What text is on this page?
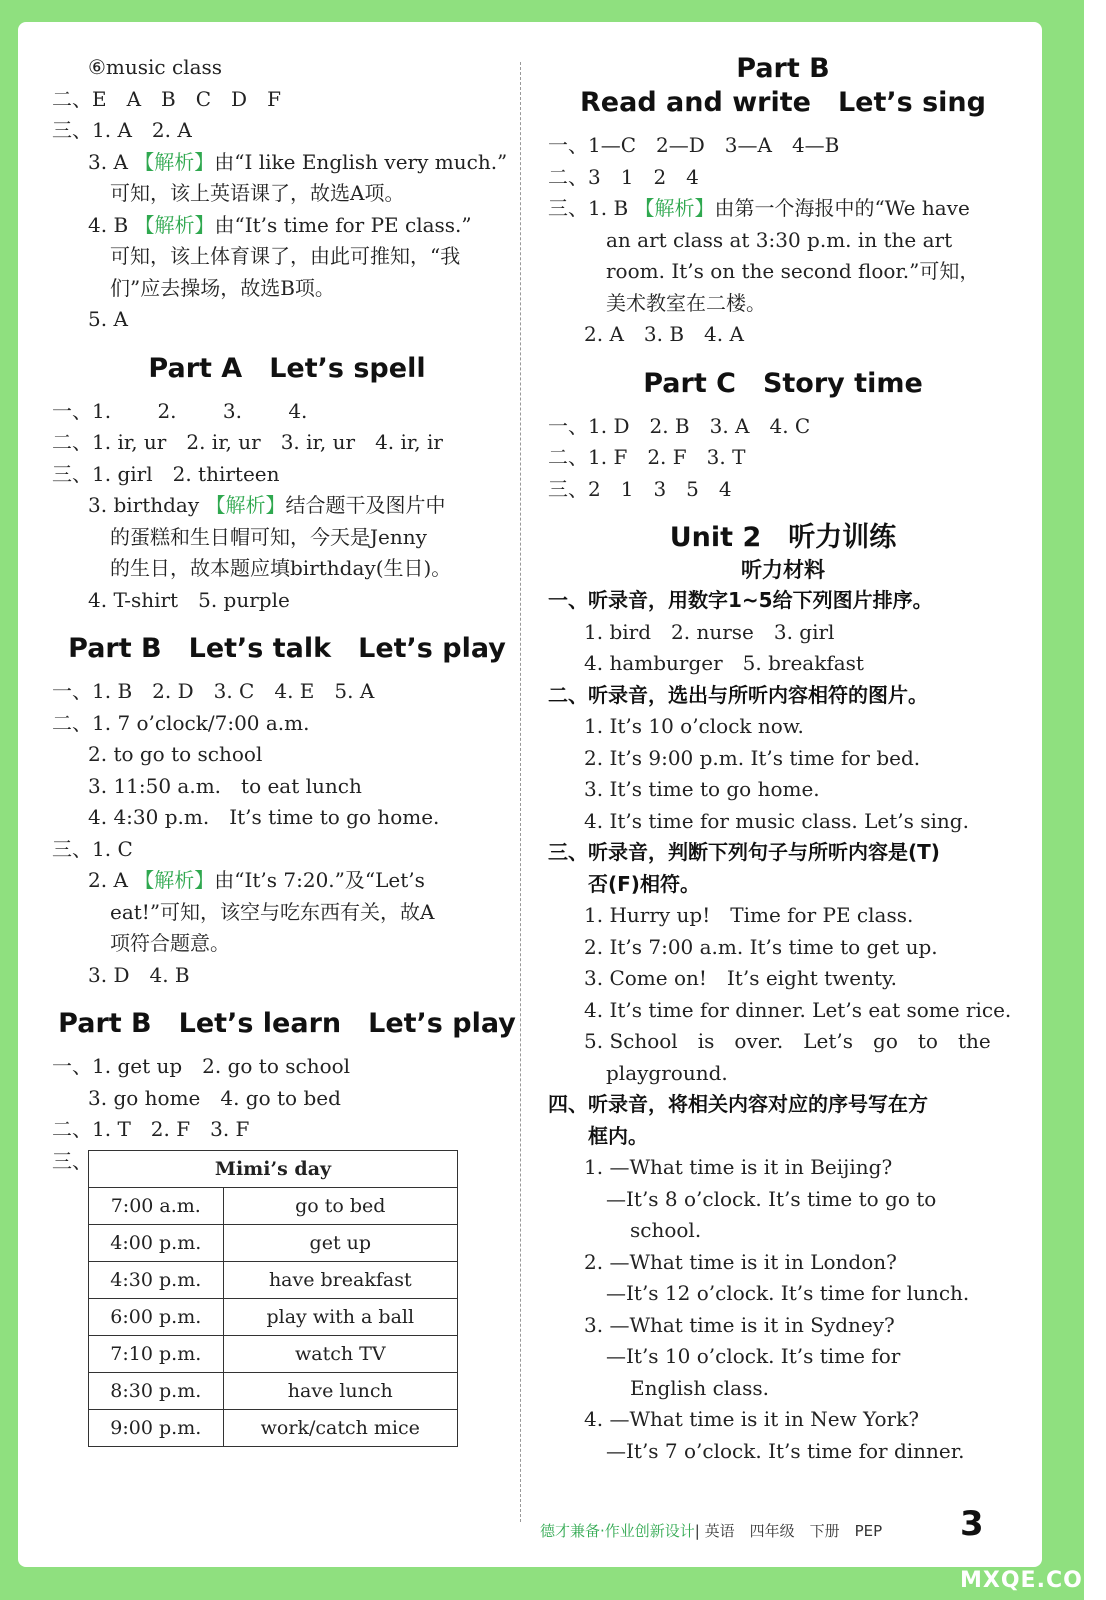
⑥music class
二、E　A　B　C　D　F
三、1. A　2. A
3. A 【解析】由“I like English very much.”
可知，该上英语课了，故选A项。
4. B 【解析】由“It’s time for PE class.”
可知，该上体育课了，由此可推知，“我
们”应去操场，故选B项。
5. A
Part A　Let’s spell
一、1.　　 2.　　 3.　　 4.
二、1. ir, ur　2. ir, ur　3. ir, ur　4. ir, ir
三、1. girl　2. thirteen
3. birthday 【解析】结合题干及图片中
的蛋糕和生日帽可知，今天是Jenny
的生日，故本题应填birthday(生日)。
4. T-shirt　5. purple
Part B　Let’s talk　Let’s play
一、1. B　2. D　3. C　4. E　5. A
二、1. 7 o’clock/7:00 a.m.
2. to go to school
3. 11:50 a.m.　to eat lunch
4. 4:30 p.m.　It’s time to go home.
三、1. C
2. A 【解析】由“It’s 7:20.”及“Let’s
eat!”可知，该空与吃东西有关，故A
项符合题意。
3. D　4. B
Part B　Let’s learn　Let’s play
一、1. get up　2. go to school
3. go home　4. go to bed
二、1. T　2. F　3. F
三、	Mimi’s day	
7:00 a.m.	go to bed
4:00 p.m.	get up
4:30 p.m.	have breakfast
6:00 p.m.	play with a ball
7:10 p.m.	watch TV
8:30 p.m.	have lunch
9:00 p.m.	work/catch mice
Part B
Read and write　Let’s sing
一、1—C　2—D　3—A　4—B
二、3　1　2　4
三、1. B 【解析】由第一个海报中的“We have
an art class at 3:30 p.m. in the art
room. It’s on the second floor.”可知，
美术教室在二楼。
2. A　3. B　4. A
Part C　Story time
一、1. D　2. B　3. A　4. C
二、1. F　2. F　3. T
三、2　1　3　5　4
Unit 2　听力训练
听力材料
一、听录音，用数字1~5给下列图片排序。
1. bird　2. nurse　3. girl
4. hamburger　5. breakfast
二、听录音，选出与所听内容相符的图片。
1. It’s 10 o’clock now.
2. It’s 9:00 p.m. It’s time for bed.
3. It’s time to go home.
4. It’s time for music class. Let’s sing.
三、听录音，判断下列句子与所听内容是(T)
否(F)相符。
1. Hurry up!　Time for PE class.
2. It’s 7:00 a.m. It’s time to get up.
3. Come on!　It’s eight twenty.
4. It’s time for dinner. Let’s eat some rice.
5. School　is　over.　Let’s　go　to　the
playground.
四、听录音，将相关内容对应的序号写在方
框内。
1. —What time is it in Beijing?
—It’s 8 o’clock. It’s time to go to
school.
2. —What time is it in London?
—It’s 12 o’clock. It’s time for lunch.
3. —What time is it in Sydney?
—It’s 10 o’clock. It’s time for
English class.
4. —What time is it in New York?
—It’s 7 o’clock. It’s time for dinner.
德才兼备·作业创新设计| 英语　四年级　下册　PEP 3
MXQE.COM
